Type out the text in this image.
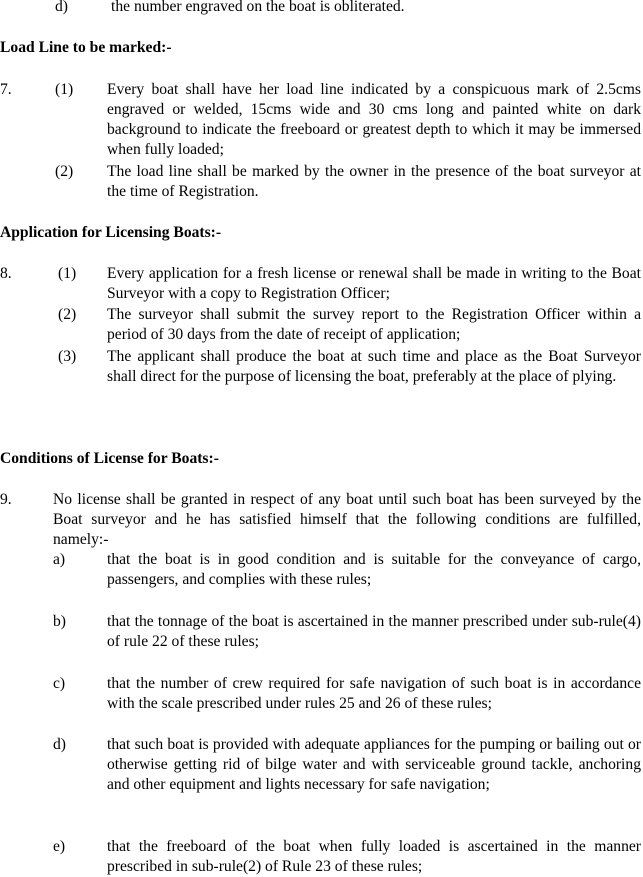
d)	the number engraved on the boat is obliterated.
Load Line to be marked:-
7.	(1) Every boat shall have her load line indicated by a conspicuous mark of 2.5cms engraved or welded, 15cms wide and 30 cms long and painted white on dark background to indicate the freeboard or greatest depth to which it may be immersed when fully loaded;
(2) The load line shall be marked by the owner in the presence of the boat surveyor at the time of Registration.
Application for Licensing Boats:-
8.	(1) Every application for a fresh license or renewal shall be made in writing to the Boat Surveyor with a copy to Registration Officer;
(2) The surveyor shall submit the survey report to the Registration Officer within a period of 30 days from the date of receipt of application;
(3) The applicant shall produce the boat at such time and place as the Boat Surveyor shall direct for the purpose of licensing the boat, preferably at the place of plying.
Conditions of License for Boats:-
9.	No license shall be granted in respect of any boat until such boat has been surveyed by the Boat surveyor and he has satisfied himself that the following conditions are fulfilled, namely:-
a)	that the boat is in good condition and is suitable for the conveyance of cargo, passengers, and complies with these rules;
b)	that the tonnage of the boat is ascertained in the manner prescribed under sub-rule(4) of rule 22 of these rules;
c)	that the number of crew required for safe navigation of such boat is in accordance with the scale prescribed under rules 25 and 26 of these rules;
d)	that such boat is provided with adequate appliances for the pumping or bailing out or otherwise getting rid of bilge water and with serviceable ground tackle, anchoring and other equipment and lights necessary for safe navigation;
e)	that the freeboard of the boat when fully loaded is ascertained in the manner prescribed in sub-rule(2) of Rule 23 of these rules;
